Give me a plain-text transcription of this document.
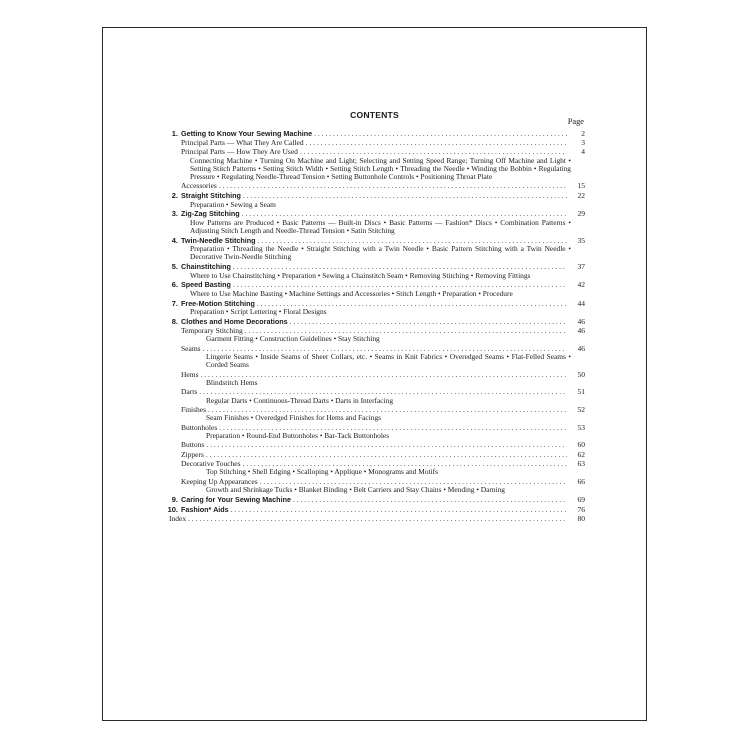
CONTENTS
Page
1. Getting to Know Your Sewing Machine . . .	2
Principal Parts — What They Are Called . . .	3
Principal Parts — How They Are Used . . .	4
Connecting Machine • Turning On Machine and Light; Selecting and Setting Speed Range; Turning Off Machine and Light • Setting Stitch Patterns • Setting Stitch Width • Setting Stitch Length • Threading the Needle • Winding the Bobbin • Regulating Pressure • Regulating Needle-Thread Tension • Setting Buttonhole Controls • Positioning Throat Plate
Accessories . . .	15
2. Straight Stitching . . .	22
Preparation • Sewing a Seam
3. Zig-Zag Stitching . . .	29
How Patterns are Produced • Basic Patterns — Built-in Discs • Basic Patterns — Fashion* Discs • Combination Patterns • Adjusting Stitch Length and Needle-Thread Tension • Satin Stitching
4. Twin-Needle Stitching . . .	35
Preparation • Threading the Needle • Straight Stitching with a Twin Needle • Basic Pattern Stitching with a Twin Needle • Decorative Twin-Needle Stitching
5. Chainstitching . . .	37
Where to Use Chainstitching • Preparation • Sewing a Chainstitch Seam • Removing Stitching • Removing Fittings
6. Speed Basting . . .	42
Where to Use Machine Basting • Machine Settings and Accessories • Stitch Length • Preparation • Procedure
7. Free-Motion Stitching . . .	44
Preparation • Script Lettering • Floral Designs
8. Clothes and Home Decorations . . .	46
Temporary Stitching . . .	46
Garment Fitting • Construction Guidelines • Stay Stitching
Seams . . .	46
Lingerie Seams • Inside Seams of Sheer Collars, etc. • Seams in Knit Fabrics • Overedged Seams • Flat-Felled Seams • Corded Seams
Hems . . .	50
Blindstitch Hems
Darts . . .	51
Regular Darts • Continuous-Thread Darts • Darts in Interfacing
Finishes . . .	52
Seam Finishes • Overedged Finishes for Hems and Facings
Buttonholes . . .	53
Preparation • Round-End Buttonholes • Bar-Tack Buttonholes
Buttons . . .	60
Zippers . . .	62
Decorative Touches . . .	63
Top Stitching • Shell Edging • Scalloping • Applique • Monograms and Motifs
Keeping Up Appearances . . .	66
Growth and Shrinkage Tucks • Blanket Binding • Belt Carriers and Stay Chains • Mending • Darning
9. Caring for Your Sewing Machine . . .	69
10. Fashion* Aids . . .	76
Index . . .	80
